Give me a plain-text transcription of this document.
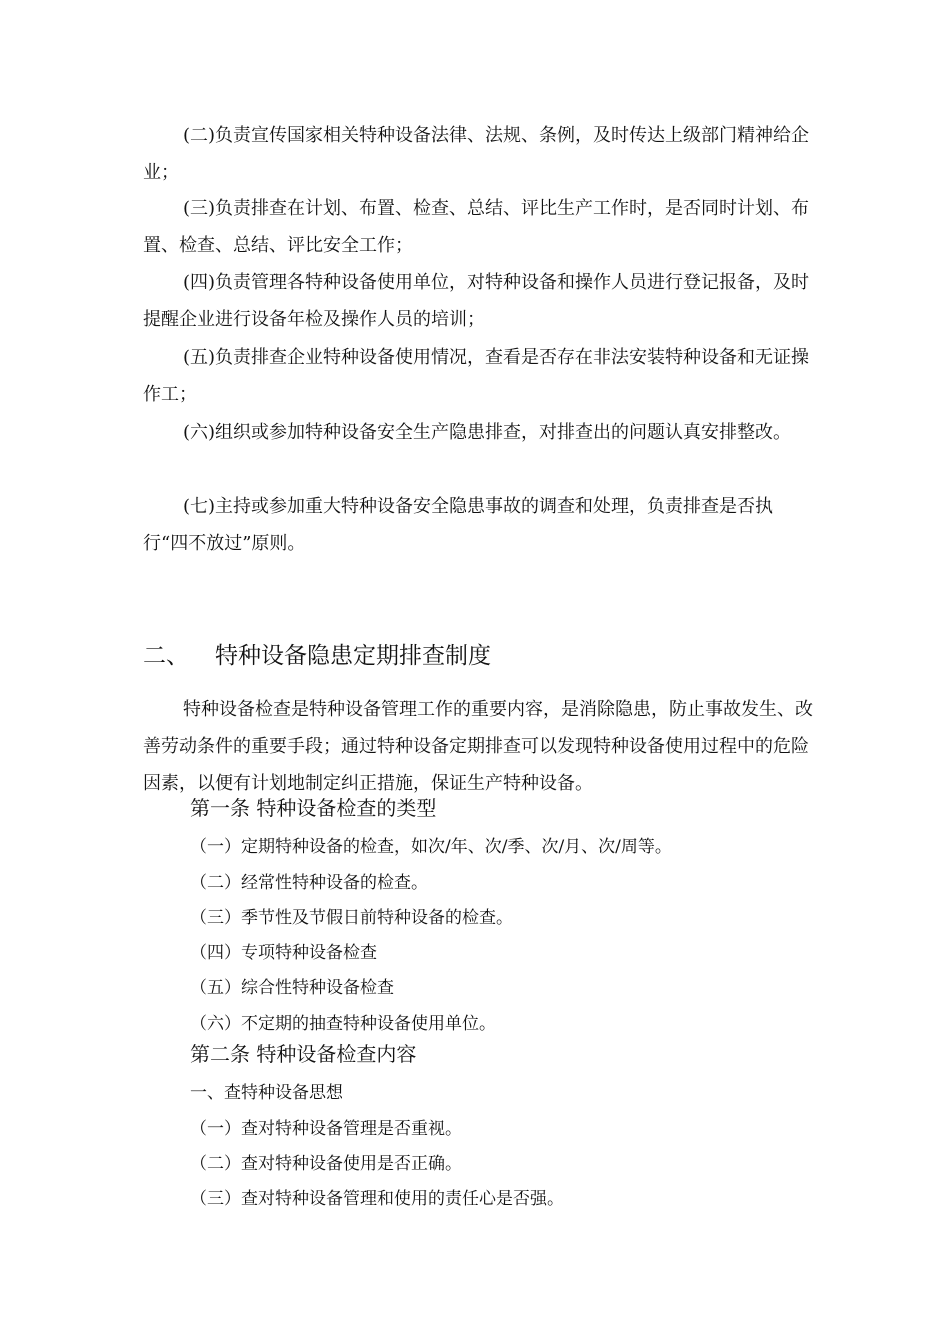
(二)负责宣传国家相关特种设备法律、法规、条例，及时传达上级部门精神给企业；

(三)负责排查在计划、布置、检查、总结、评比生产工作时，是否同时计划、布置、检查、总结、评比安全工作；

(四)负责管理各特种设备使用单位，对特种设备和操作人员进行登记报备，及时提醒企业进行设备年检及操作人员的培训；

(五)负责排查企业特种设备使用情况，查看是否存在非法安装特种设备和无证操作工；

(六)组织或参加特种设备安全生产隐患排查，对排查出的问题认真安排整改。

(七)主持或参加重大特种设备安全隐患事故的调查和处理，负责排查是否执行“四不放过”原则。

二、 特种设备隐患定期排查制度

特种设备检查是特种设备管理工作的重要内容，是消除隐患，防止事故发生、改善劳动条件的重要手段；通过特种设备定期排查可以发现特种设备使用过程中的危险因素，以便有计划地制定纠正措施，保证生产特种设备。

第一条 特种设备检查的类型

（一）定期特种设备的检查，如次/年、次/季、次/月、次/周等。

（二）经常性特种设备的检查。

（三）季节性及节假日前特种设备的检查。

（四）专项特种设备检查

（五）综合性特种设备检查

（六）不定期的抽查特种设备使用单位。

第二条 特种设备检查内容

一、查特种设备思想

（一）查对特种设备管理是否重视。

（二）查对特种设备使用是否正确。

（三）查对特种设备管理和使用的责任心是否强。
